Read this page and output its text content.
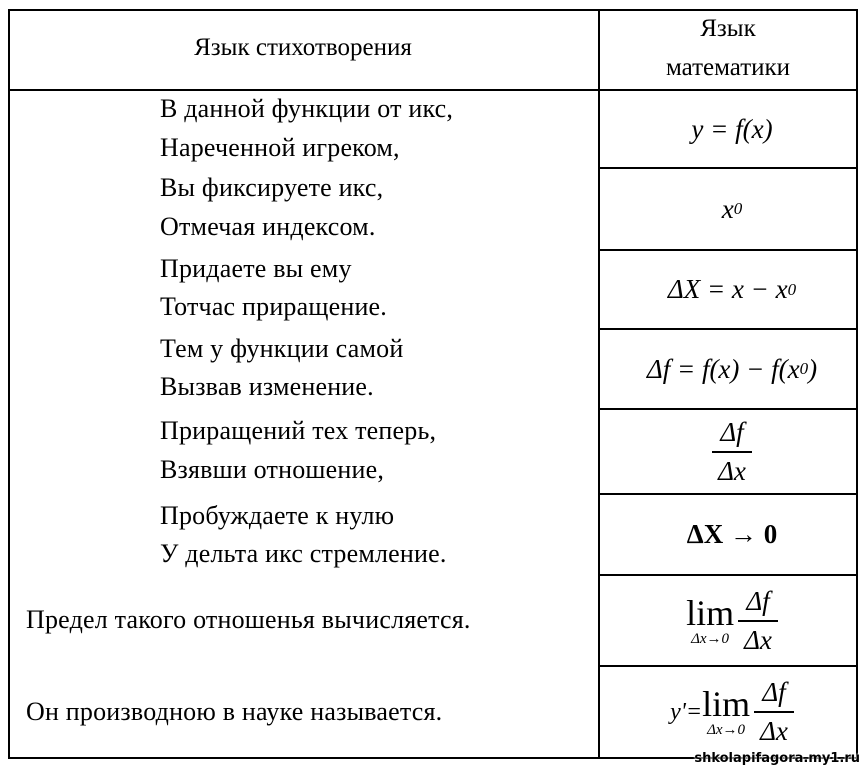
Язык стихотворения
Язык
математики
В данной функции от икс,
Нареченной игреком,
Вы фиксируете икс,
Отмечая индексом.
Придаете вы ему
Тотчас приращение.
Тем у функции самой
Вызвав изменение.
Приращений тех теперь,
Взявши отношение,
Пробуждаете к нулю
У дельта икс стремление.
Предел такого отношенья вычисляется.
Он производною в науке называется.
y = f(x)
x 0
ΔX = x − x 0
Δf = f(x) − f(x 0 )
$\frac{\Delta f}{\Delta x}$
ΔX → 0
lim
$\Delta x\to 0 \frac{\Delta f}{\Delta x}$
y'= lim
$\Delta x\to 0 \frac{\Delta f}{\Delta x}$
shkolapifagora.my1.ru
